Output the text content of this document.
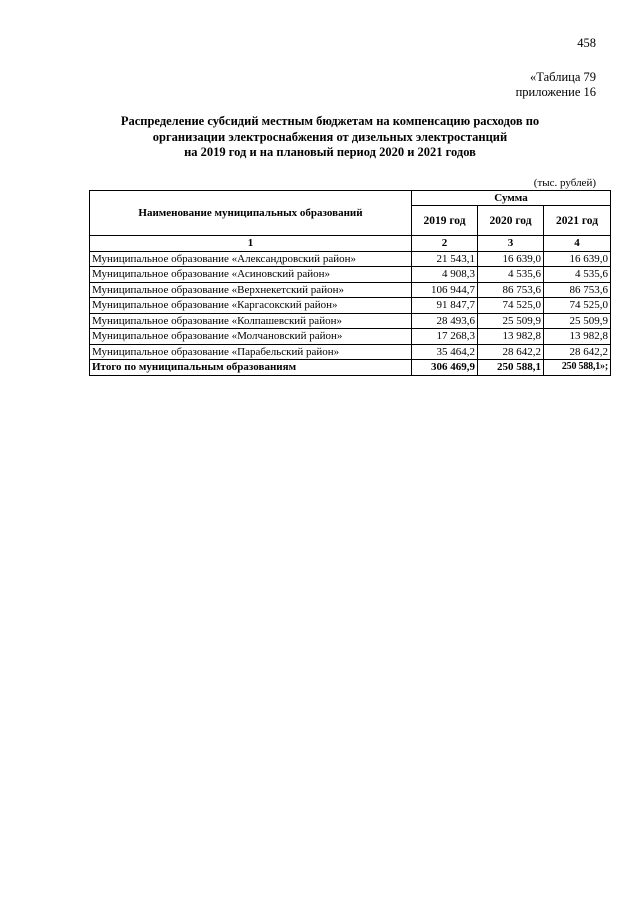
458
«Таблица 79
приложение 16
Распределение субсидий местным бюджетам на компенсацию расходов по
организации электроснабжения от дизельных электростанций
на 2019 год и на плановый период 2020 и 2021 годов
(тыс. рублей)
Наименование муниципальных образований	Сумма		
	2019 год	2020 год	2021 год
1	2	3	4
Муниципальное образование «Александровский район»	21 543,1	16 639,0	16 639,0
Муниципальное образование «Асиновский район»	4 908,3	4 535,6	4 535,6
Муниципальное образование «Верхнекетский район»	106 944,7	86 753,6	86 753,6
Муниципальное образование «Каргасокский район»	91 847,7	74 525,0	74 525,0
Муниципальное образование «Колпашевский район»	28 493,6	25 509,9	25 509,9
Муниципальное образование «Молчановский район»	17 268,3	13 982,8	13 982,8
Муниципальное образование «Парабельский район»	35 464,2	28 642,2	28 642,2
Итого по муниципальным образованиям	306 469,9	250 588,1	250 588,1»;
